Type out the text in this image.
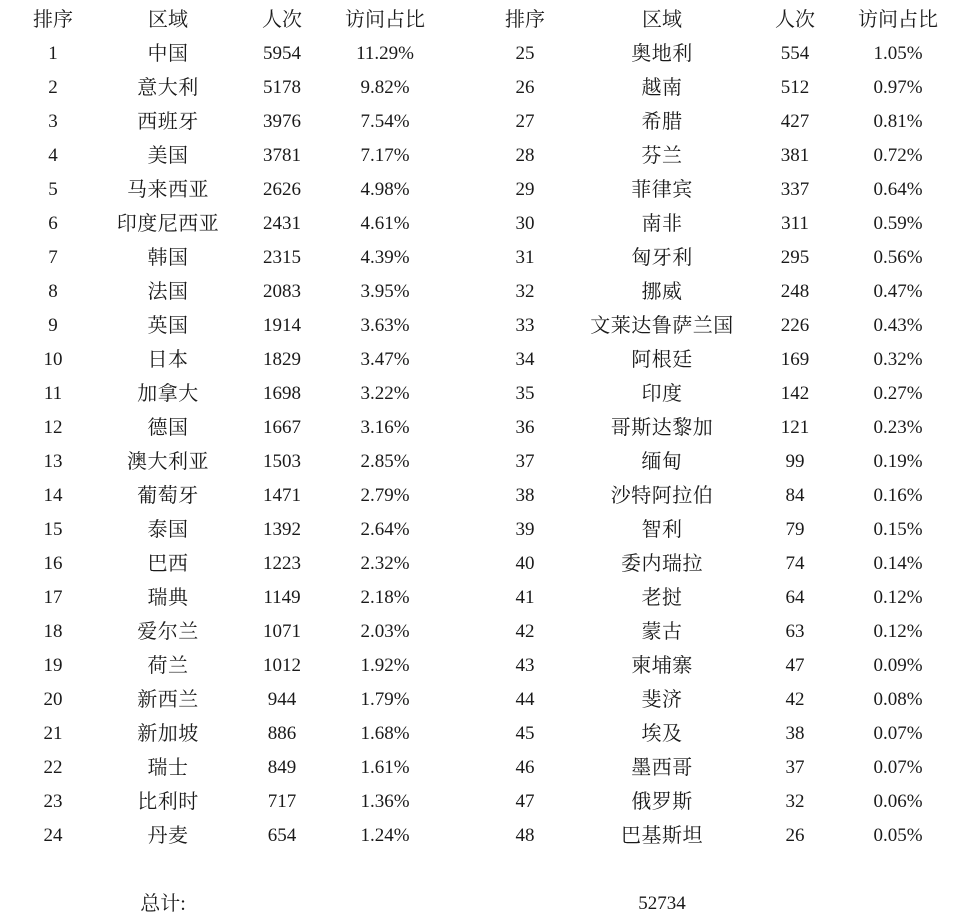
排序	区域	人次	访问占比	排序	区域	人次	访问占比
1	中国	5954	11.29%	25	奥地利	554	1.05%
2	意大利	5178	9.82%	26	越南	512	0.97%
3	西班牙	3976	7.54%	27	希腊	427	0.81%
4	美国	3781	7.17%	28	芬兰	381	0.72%
5	马来西亚	2626	4.98%	29	菲律宾	337	0.64%
6	印度尼西亚	2431	4.61%	30	南非	311	0.59%
7	韩国	2315	4.39%	31	匈牙利	295	0.56%
8	法国	2083	3.95%	32	挪威	248	0.47%
9	英国	1914	3.63%	33	文莱达鲁萨兰国	226	0.43%
10	日本	1829	3.47%	34	阿根廷	169	0.32%
11	加拿大	1698	3.22%	35	印度	142	0.27%
12	德国	1667	3.16%	36	哥斯达黎加	121	0.23%
13	澳大利亚	1503	2.85%	37	缅甸	99	0.19%
14	葡萄牙	1471	2.79%	38	沙特阿拉伯	84	0.16%
15	泰国	1392	2.64%	39	智利	79	0.15%
16	巴西	1223	2.32%	40	委内瑞拉	74	0.14%
17	瑞典	1149	2.18%	41	老挝	64	0.12%
18	爱尔兰	1071	2.03%	42	蒙古	63	0.12%
19	荷兰	1012	1.92%	43	柬埔寨	47	0.09%
20	新西兰	944	1.79%	44	斐济	42	0.08%
21	新加坡	886	1.68%	45	埃及	38	0.07%
22	瑞士	849	1.61%	46	墨西哥	37	0.07%
23	比利时	717	1.36%	47	俄罗斯	32	0.06%
24	丹麦	654	1.24%	48	巴基斯坦	26	0.05%
总计:	52734
